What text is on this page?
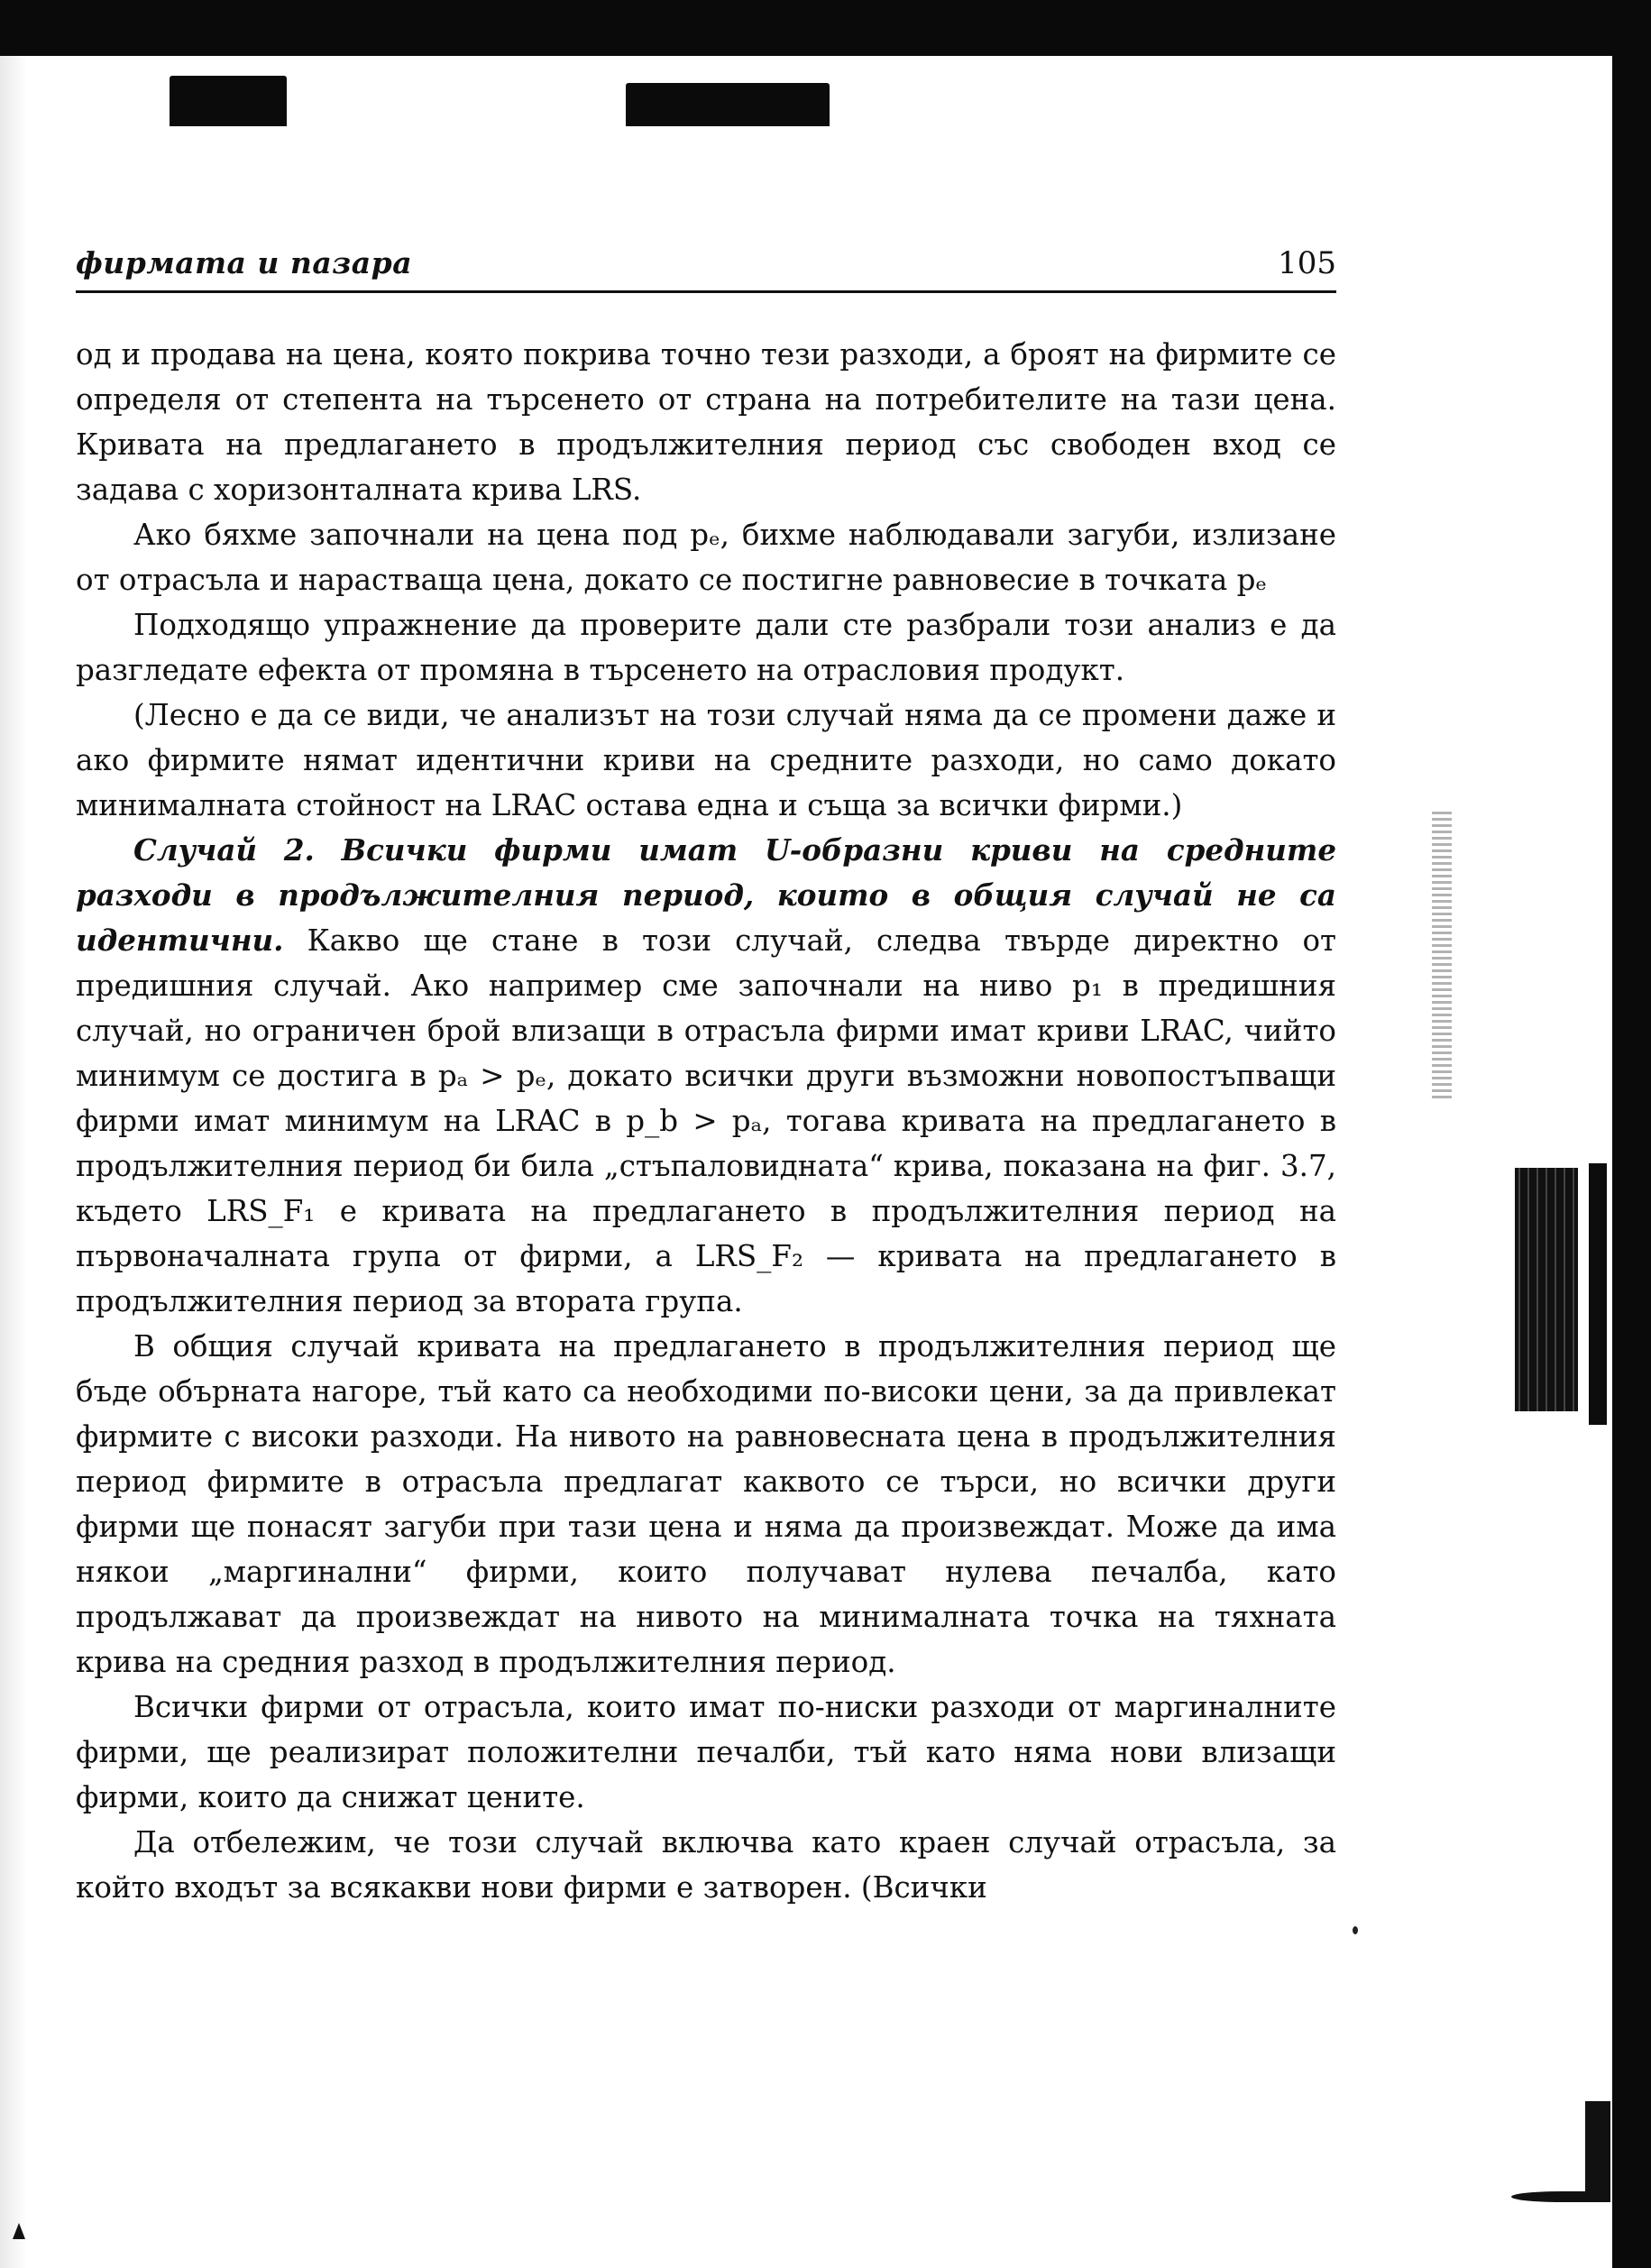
фирмата и пазара	105

од и продава на цена, която покрива точно тези разходи, а броят на фирмите се определя от степента на търсенето от страна на потребителите на тази цена. Кривата на предлагането в продължителния период със свободен вход се задава с хоризонталната крива LRS.

Ако бяхме започнали на цена под pₑ, бихме наблюдавали загуби, излизане от отрасъла и нарастваща цена, докато се постигне равновесие в точката pₑ

Подходящо упражнение да проверите дали сте разбрали този анализ е да разгледате ефекта от промяна в търсенето на отрасловия продукт.

(Лесно е да се види, че анализът на този случай няма да се промени даже и ако фирмите нямат идентични криви на средните разходи, но само докато минималната стойност на LRAC остава една и съща за всички фирми.)

Случай 2. Всички фирми имат U-образни криви на средните разходи в продължителния период, които в общия случай не са идентични. Какво ще стане в този случай, следва твърде директно от предишния случай. Ако например сме започнали на ниво p₁ в предишния случай, но ограничен брой влизащи в отрасъла фирми имат криви LRAC, чийто минимум се достига в pₐ > pₑ, докато всички други възможни новопостъпващи фирми имат минимум на LRAC в p_b > pₐ, тогава кривата на предлагането в продължителния период би била „стъпаловидната“ крива, показана на фиг. 3.7, където LRS_F₁ е кривата на предлагането в продължителния период на първоначалната група от фирми, а LRS_F₂ — кривата на предлагането в продължителния период за втората група.

В общия случай кривата на предлагането в продължителния период ще бъде обърната нагоре, тъй като са необходими по-високи цени, за да привлекат фирмите с високи разходи. На нивото на равновесната цена в продължителния период фирмите в отрасъла предлагат каквото се търси, но всички други фирми ще понасят загуби при тази цена и няма да произвеждат. Може да има някои „маргинални“ фирми, които получават нулева печалба, като продължават да произвеждат на нивото на минималната точка на тяхната крива на средния разход в продължителния период.

Всички фирми от отрасъла, които имат по-ниски разходи от маргиналните фирми, ще реализират положителни печалби, тъй като няма нови влизащи фирми, които да снижат цените.

Да отбележим, че този случай включва като краен случай отрасъла, за който входът за всякакви нови фирми е затворен. (Всички
